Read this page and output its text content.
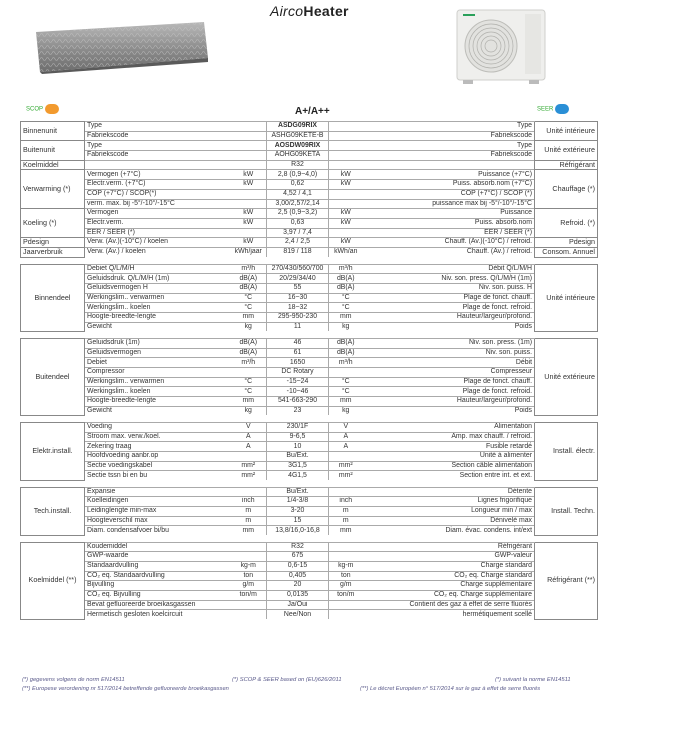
AircoHeater
SCOP	SEER
A+/A++
Binnenunit	Type		ASDG09RIX		Type	Unité intérieure
	Fabriekscode		ASHG09KETE-B		Fabriekscode	
Buitenunit	Type		AOSDW09RIX		Type	Unité extérieure
	Fabriekscode		AOHG09KETA		Fabriekscode	
Koelmiddel			R32			Réfrigérant
Verwarming (*)	Vermogen (+7°C)	kW	2,8 (0,9~4,0)	kW	Puissance (+7°C)	Chauffage (*)
	Electr.verm. (+7°C)	kW	0,62	kW	Puiss. absorb.nom (+7°C)	
	COP (+7°C) / SCOP(*)		4,52 / 4,1		COP (+7°C) / SCOP (*)	
	verm. max. bij -5°/-10°/-15°C		3,00/2,57/2,14		puissance max bij -5°/-10°/-15°C	
Koeling (*)	Vermogen	kW	2,5 (0,9~3,2)	kW	Puissance	Refroid. (*)
	Electr.verm.	kW	0,63	kW	Puiss. absorb.nom	
	EER / SEER (*)		3,97 / 7,4		EER / SEER (*)	
Pdesign	Verw. (Av.)(-10°C) / koelen	kW	2,4 / 2,5	kW	Chauff. (Av.)(-10°C) / refroid.	Pdesign
Jaarverbruik	Verw. (Av.) / koelen	kWh/jaar	819 / 118	kWh/an	Chauff. (Av.) / refroid.	Consom. Annuel

Binnendeel	Debiet Q/L/M/H	m³/h	270/430/560/700	m³/h	Débit Q/L/M/H	Unité intérieure
	Geluidsdruk. Q/L/M/H (1m)	dB(A)	20/29/34/40	dB(A)	Niv. son. press. Q/L/M/H (1m)	
	Geluidsvermogen H	dB(A)	55	dB(A)	Niv. son. puiss. H	
	Werkingslim.. verwarmen	°C	16~30	°C	Plage de fonct. chauff.	
	Werkingslim.. koelen	°C	18~32	°C	Plage de fonct. refroid.	
	Hoogte-breedte-lengte	mm	295-950-230	mm	Hauteur/largeur/profond.	
	Gewicht	kg	11	kg	Poids	

Buitendeel	Geluidsdruk (1m)	dB(A)	46	dB(A)	Niv. son. press. (1m)	Unité extérieure
	Geluidsvermogen	dB(A)	61	dB(A)	Niv. son. puiss.	
	Debiet	m³/h	1650	m³/h	Débit	
	Compressor		DC Rotary		Compresseur	
	Werkingslim.. verwarmen	°C	-15~24	°C	Plage de fonct. chauff.	
	Werkingslim.. koelen	°C	-10~46	°C	Plage de fonct. refroid.	
	Hoogte-breedte-lengte	mm	541-663-290	mm	Hauteur/largeur/profond.	
	Gewicht	kg	23	kg	Poids	

Elektr.install.	Voeding	V	230/1F	V	Alimentation	Install. électr.
	Stroom max. verw./koel.	A	9-6,5	A	Amp. max chauff. / refroid.	
	Zekering traag	A	10	A	Fusible retardé	
	Hoofdvoeding aanbr.op		Bu/Ext.		Unité à alimenter	
	Sectie voedingskabel	mm²	3G1,5	mm²	Section câble alimentation	
	Sectie tssn bi en bu	mm²	4G1,5	mm²	Section entre int. et ext.	

Tech.install.	Expansie		Bu/Ext.		Détente	Install. Techn.
	Koelleidingen	inch	1/4-3/8	inch	Lignes frigorifique	
	Leidinglengte min-max	m	3-20	m	Longueur min / max	
	Hoogteverschil max	m	15	m	Dénivelé max	
	Diam. condensafvoer bi/bu	mm	13,8/16,0-16,8	mm	Diam. évac. condens. int/ext	

Koelmiddel (**)	Koudemiddel		R32		Réfrigérant	Réfrigérant (**)
	GWP-waarde		675		GWP-valeur	
	Standaardvulling	kg-m	0,6-15	kg-m	Charge standard	
	CO₂ eq. Standaardvulling	ton	0,405	ton	CO₂ eq. Charge standard	
	Bijvulling	g/m	20	g/m	Charge supplémentaire	
	CO₂ eq. Bijvulling	ton/m	0,0135	ton/m	CO₂ eq. Charge supplémentaire	
	Bevat gefluoreerde broeikasgassen		Ja/Oui		Contient des gaz à effet de serre fluorés	
	Hermetisch gesloten koelcircuit		Nee/Non		hermétiquement scellé	
(*) gegevens volgens de norm EN14511	(*) SCOP & SEER based on (EU)626/2011	(*) suivant la norme EN14511
(**) Europese verordening nr 517/2014 betreffende gefluoreerde broeikasgassen	(**) Le décret Européen n° 517/2014 sur le gaz à effet de serre fluorés
